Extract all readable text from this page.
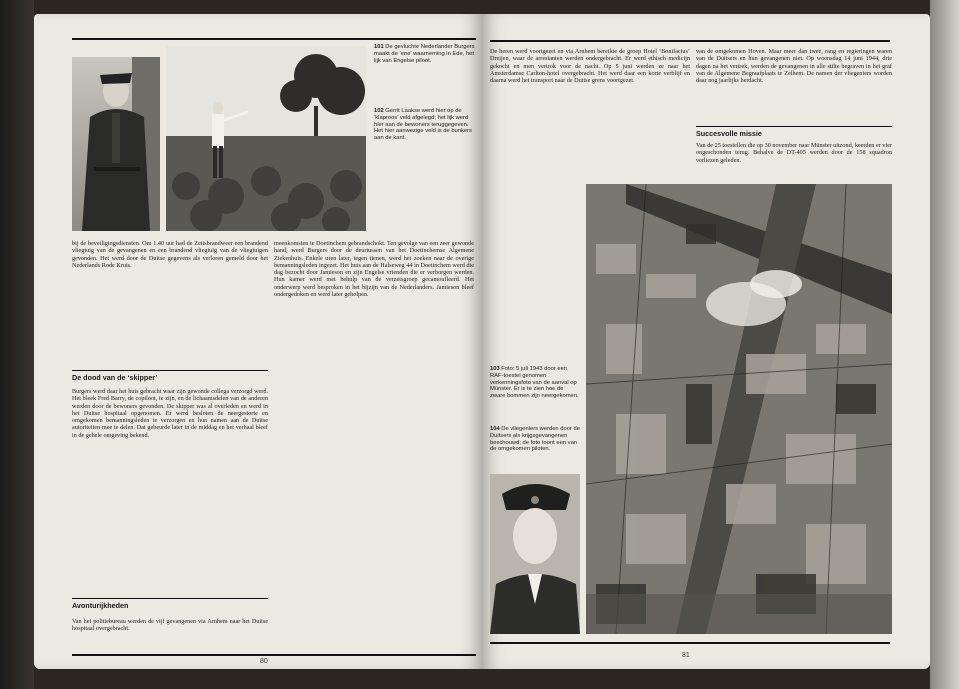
101 De gevluchte Nederlander Burgers maakt de ‘ene’ waarneming in Ede, het lijk van Engelse piloot.
102 Gerrit Laakse werd hier op de ‘klaproos’ veld afgelegd; het lijk werd hier aan de bewoners teruggegeven. Het hier aanwezige veld is de bunkers aan de kant.
bij de beveiligingsdiensten. Om 1.40 uur had de Zeitsbrandweer een brandend vliegtuig van de gevangenen en een brandend vliegtuig van de vliegtuigen gevonden. Het werd door de Duitse gegevens als verloren gemeld door het Nederlands Rode Kruis.
De dood van de ‘skipper’
Burgers werd daar het huis gebracht waar zijn gewonde collega verzorgd werd. Het bleek Fred Barry, de copiloot, te zijn, en de lichaamsdelen van de anderen werden door de bewoners gevonden. De skipper was al overleden en werd in het Duitse hospitaal opgenomen. Er werd besloten de neergestorte en omgekomen bemanningsleden te verzorgen en hun namen aan de Duitse autoriteiten mee te delen. Dat gebeurde later in de middag en het verhaal bleef in de gehele omgeving bekend.
Avonturijkheden
Van het politiebureau werden de vijf gevangenen via Arnhem naar het Duitse hospitaal overgebracht.
meenkomsten te Doetinchem gebrandschokt. Ten gevolge van een zeer gewonde hand, werd Burgers door de deurtussen van het Doetinchemse Algemene Ziekenhuis. Enkele uren later, tegen tienen, werd het zoeken naar de overige bemanningsleden ingezet. Het huis aan de Halseweg 44 in Doetinchem werd die dag bezocht door Jamieson en zijn Engelse vrienden die er verborgen werden. Hun kamer werd met behulp van de verzetsgroep gecamoufleerd. Het onderwerp werd besproken in het bijzijn van de Nederlanders. Jamieson bleef ondergedoken en werd later geholpen.
80
De heren werd voortgezet en via Arnhem bereikte de groep Hotel ‘Bonifacius’ Dreijen, waar de arrestanten werden ondergebracht. Er werd ethisch medicijn gekocht en men vertrok voor de nacht. Op 5 juni werden ze naar het Amsterdamse Carlton-hotel overgebracht. Het werd daar een korte verblijf en daarna werd het transport naar de Duitse grens voortgezet.
van de omgekomen Hoven. Maar meer dan twee, rang en regieringen waren van de Duitsers en hun gevangenen niet. Op woensdag 14 juni 1944, drie dagen na het vertrek, werden de gevangenen in alle stilte begraven in het graf van de Algemene Begraafplaats te Zelhem. De namen der vliegeniers worden daar nog jaarlijks herdacht.
Succesvolle missie
Van de 25 toestellen die op 30 november naar Münster uitzond, keerden er vier ongeschonden terug. Behalve de DT-405 werden door de 158 squadron verliezen geleden.
103 Foto: 5 juli 1943 door een RAF-toestel genomen verkenningsfoto van de aanval op Münster. Er is te zien hoe de zware bommen zijn neergekomen.
104 De vliegeniers werden door de Duitsers als krijgsgevangenen beschouwd; de foto toont een van de omgekomen piloten.
81
